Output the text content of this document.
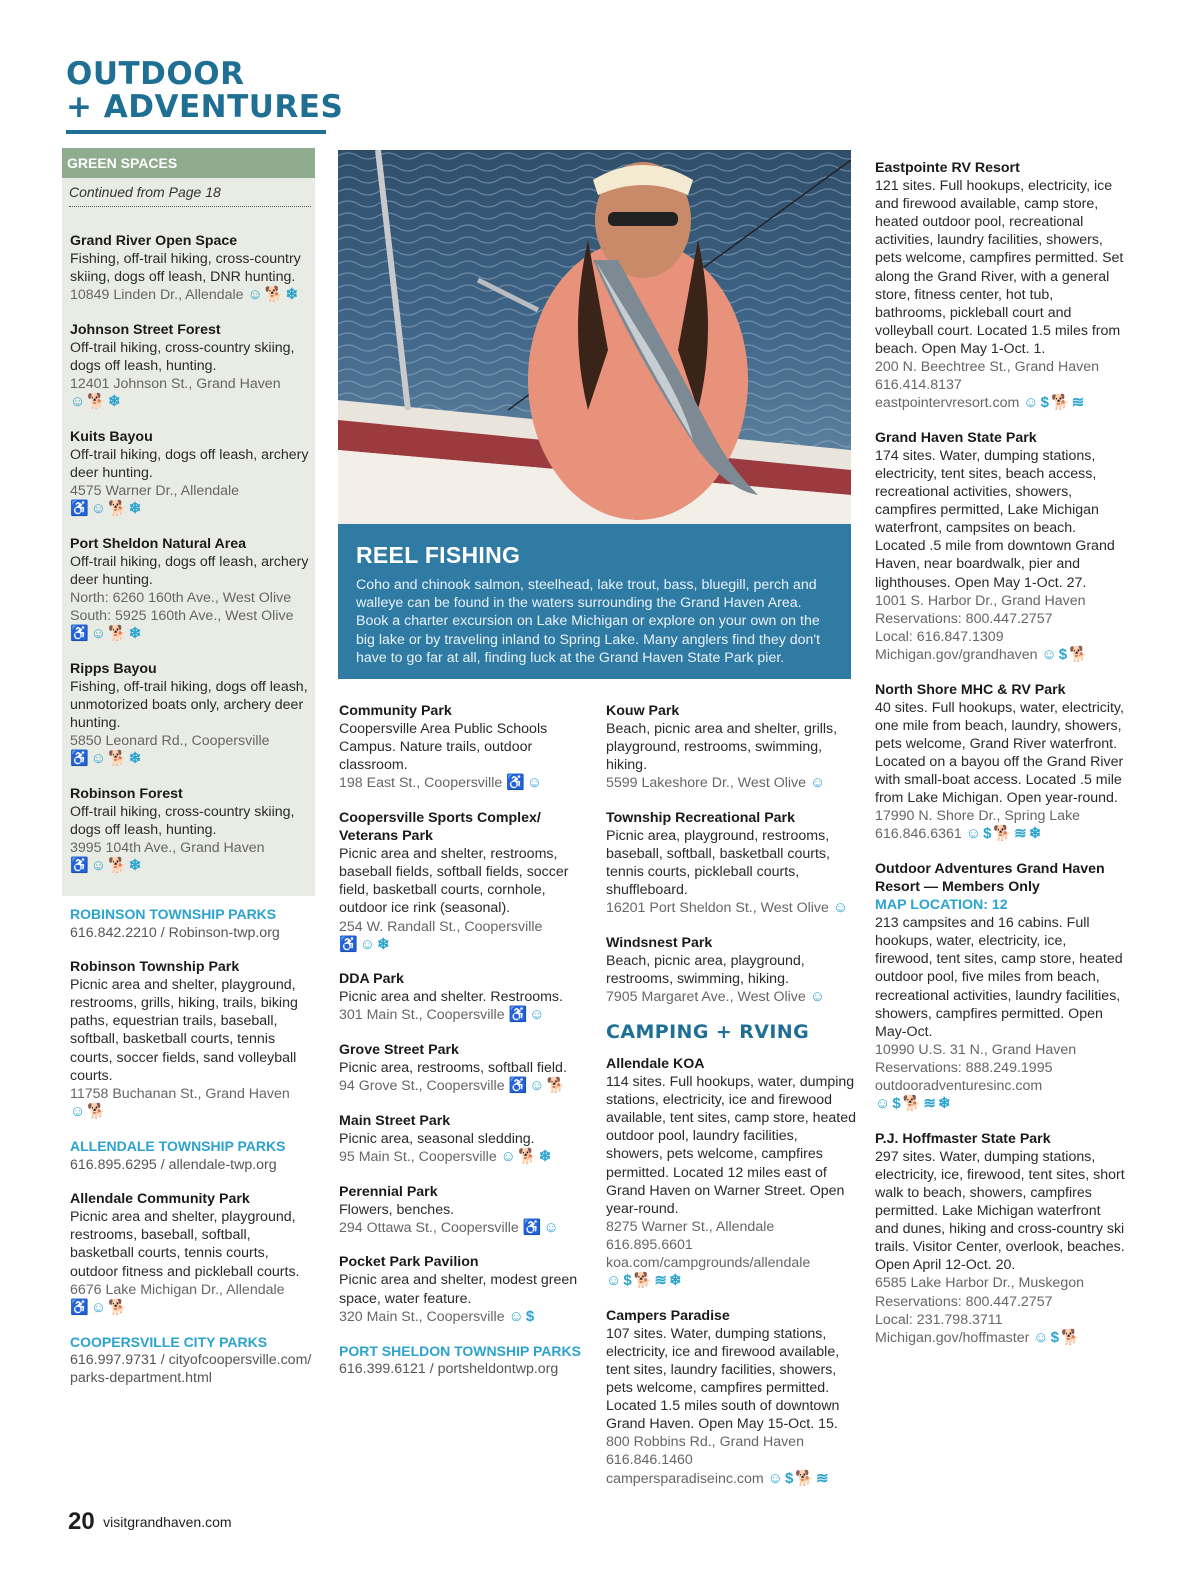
OUTDOOR
+ ADVENTURES
GREEN SPACES
Continued from Page 18
Grand River Open Space
Fishing, off-trail hiking, cross-country skiing, dogs off leash, DNR hunting.
10849 Linden Dr., Allendale ☺🐕❄
Johnson Street Forest
Off-trail hiking, cross-country skiing, dogs off leash, hunting.
12401 Johnson St., Grand Haven
☺🐕❄
Kuits Bayou
Off-trail hiking, dogs off leash, archery deer hunting.
4575 Warner Dr., Allendale
♿☺🐕❄
Port Sheldon Natural Area
Off-trail hiking, dogs off leash, archery deer hunting.
North: 6260 160th Ave., West Olive
South: 5925 160th Ave., West Olive
♿☺🐕❄
Ripps Bayou
Fishing, off-trail hiking, dogs off leash, unmotorized boats only, archery deer hunting.
5850 Leonard Rd., Coopersville
♿☺🐕❄
Robinson Forest
Off-trail hiking, cross-country skiing, dogs off leash, hunting.
3995 104th Ave., Grand Haven
♿☺🐕❄
ROBINSON TOWNSHIP PARKS
616.842.2210 / Robinson-twp.org
Robinson Township Park
Picnic area and shelter, playground, restrooms, grills, hiking, trails, biking paths, equestrian trails, baseball, softball, basketball courts, tennis courts, soccer fields, sand volleyball courts.
11758 Buchanan St., Grand Haven
☺🐕
ALLENDALE TOWNSHIP PARKS
616.895.6295 / allendale-twp.org
Allendale Community Park
Picnic area and shelter, playground, restrooms, baseball, softball, basketball courts, tennis courts, outdoor fitness and pickleball courts.
6676 Lake Michigan Dr., Allendale
♿☺🐕
COOPERSVILLE CITY PARKS
616.997.9731 / cityofcoopersville.com/ parks-department.html
REEL FISHING

Coho and chinook salmon, steelhead, lake trout, bass, bluegill, perch and walleye can be found in the waters surrounding the Grand Haven Area. Book a charter excursion on Lake Michigan or explore on your own on the big lake or by traveling inland to Spring Lake. Many anglers find they don't have to go far at all, finding luck at the Grand Haven State Park pier.

Community Park
Coopersville Area Public Schools Campus. Nature trails, outdoor classroom.
198 East St., Coopersville ♿☺
Coopersville Sports Complex/ Veterans Park
Picnic area and shelter, restrooms, baseball fields, softball fields, soccer field, basketball courts, cornhole, outdoor ice rink (seasonal).
254 W. Randall St., Coopersville
♿☺❄
DDA Park
Picnic area and shelter. Restrooms.
301 Main St., Coopersville ♿☺
Grove Street Park
Picnic area, restrooms, softball field.
94 Grove St., Coopersville ♿☺🐕
Main Street Park
Picnic area, seasonal sledding.
95 Main St., Coopersville ☺🐕❄
Perennial Park
Flowers, benches.
294 Ottawa St., Coopersville ♿☺
Pocket Park Pavilion
Picnic area and shelter, modest green space, water feature.
320 Main St., Coopersville ☺$
PORT SHELDON TOWNSHIP PARKS
616.399.6121 / portsheldontwp.org
Kouw Park
Beach, picnic area and shelter, grills, playground, restrooms, swimming, hiking.
5599 Lakeshore Dr., West Olive ☺
Township Recreational Park
Picnic area, playground, restrooms, baseball, softball, basketball courts, tennis courts, pickleball courts, shuffleboard.
16201 Port Sheldon St., West Olive ☺
Windsnest Park
Beach, picnic area, playground, restrooms, swimming, hiking.
7905 Margaret Ave., West Olive ☺
CAMPING + RVING
Allendale KOA
114 sites. Full hookups, water, dumping stations, electricity, ice and firewood available, tent sites, camp store, heated outdoor pool, laundry facilities, showers, pets welcome, campfires permitted. Located 12 miles east of Grand Haven on Warner Street. Open year-round.
8275 Warner St., Allendale
616.895.6601
koa.com/campgrounds/allendale
☺$🐕≋❄
Campers Paradise
107 sites. Water, dumping stations, electricity, ice and firewood available, tent sites, laundry facilities, showers, pets welcome, campfires permitted. Located 1.5 miles south of downtown Grand Haven. Open May 15-Oct. 15.
800 Robbins Rd., Grand Haven
616.846.1460
campersparadiseinc.com ☺$🐕≋
Eastpointe RV Resort
121 sites. Full hookups, electricity, ice and firewood available, camp store, heated outdoor pool, recreational activities, laundry facilities, showers, pets welcome, campfires permitted. Set along the Grand River, with a general store, fitness center, hot tub, bathrooms, pickleball court and volleyball court. Located 1.5 miles from beach. Open May 1-Oct. 1.
200 N. Beechtree St., Grand Haven
616.414.8137
eastpointervresort.com ☺$🐕≋
Grand Haven State Park
174 sites. Water, dumping stations, electricity, tent sites, beach access, recreational activities, showers, campfires permitted, Lake Michigan waterfront, campsites on beach. Located .5 mile from downtown Grand Haven, near boardwalk, pier and lighthouses. Open May 1-Oct. 27.
1001 S. Harbor Dr., Grand Haven
Reservations: 800.447.2757
Local: 616.847.1309
Michigan.gov/grandhaven ☺$🐕
North Shore MHC & RV Park
40 sites. Full hookups, water, electricity, one mile from beach, laundry, showers, pets welcome, Grand River waterfront. Located on a bayou off the Grand River with small-boat access. Located .5 mile from Lake Michigan. Open year-round.
17990 N. Shore Dr., Spring Lake
616.846.6361 ☺$🐕≋❄
Outdoor Adventures Grand Haven Resort — Members Only
MAP LOCATION: 12
213 campsites and 16 cabins. Full hookups, water, electricity, ice, firewood, tent sites, camp store, heated outdoor pool, five miles from beach, recreational activities, laundry facilities, showers, campfires permitted. Open May-Oct.
10990 U.S. 31 N., Grand Haven
Reservations: 888.249.1995
outdooradventuresinc.com
☺$🐕≋❄
P.J. Hoffmaster State Park
297 sites. Water, dumping stations, electricity, ice, firewood, tent sites, short walk to beach, showers, campfires permitted. Lake Michigan waterfront and dunes, hiking and cross-country ski trails. Visitor Center, overlook, beaches. Open April 12-Oct. 20.
6585 Lake Harbor Dr., Muskegon
Reservations: 800.447.2757
Local: 231.798.3711
Michigan.gov/hoffmaster ☺$🐕
20 visitgrandhaven.com
